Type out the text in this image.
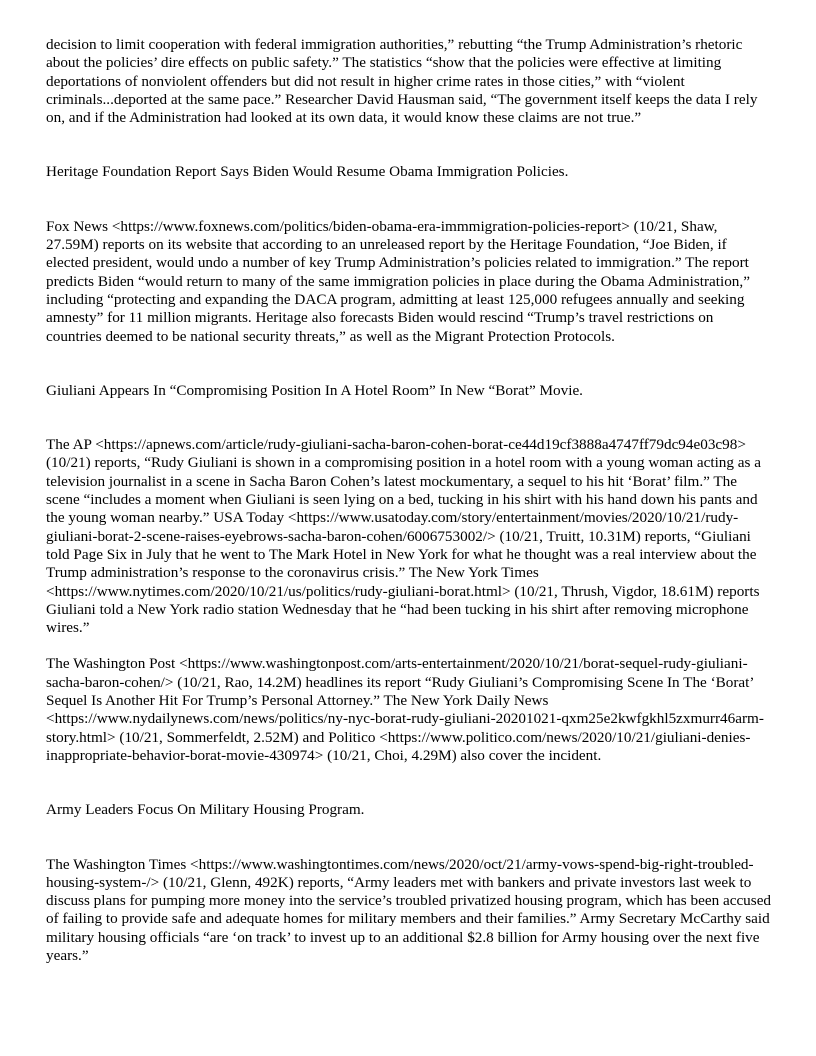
decision to limit cooperation with federal immigration authorities,” rebutting “the Trump Administration’s rhetoric about the policies’ dire effects on public safety.” The statistics “show that the policies were effective at limiting deportations of nonviolent offenders but did not result in higher crime rates in those cities,” with “violent criminals...deported at the same pace.” Researcher David Hausman said, “The government itself keeps the data I rely on, and if the Administration had looked at its own data, it would know these claims are not true.”

Heritage Foundation Report Says Biden Would Resume Obama Immigration Policies.

Fox News <https://www.foxnews.com/politics/biden-obama-era-immmigration-policies-report> (10/21, Shaw, 27.59M) reports on its website that according to an unreleased report by the Heritage Foundation, “Joe Biden, if elected president, would undo a number of key Trump Administration’s policies related to immigration.” The report predicts Biden “would return to many of the same immigration policies in place during the Obama Administration,” including “protecting and expanding the DACA program, admitting at least 125,000 refugees annually and seeking amnesty” for 11 million migrants. Heritage also forecasts Biden would rescind “Trump’s travel restrictions on countries deemed to be national security threats,” as well as the Migrant Protection Protocols.

Giuliani Appears In “Compromising Position In A Hotel Room” In New “Borat” Movie.

The AP <https://apnews.com/article/rudy-giuliani-sacha-baron-cohen-borat-ce44d19cf3888a4747ff79dc94e03c98> (10/21) reports, “Rudy Giuliani is shown in a compromising position in a hotel room with a young woman acting as a television journalist in a scene in Sacha Baron Cohen’s latest mockumentary, a sequel to his hit ‘Borat’ film.” The scene “includes a moment when Giuliani is seen lying on a bed, tucking in his shirt with his hand down his pants and the young woman nearby.” USA Today <https://www.usatoday.com/story/entertainment/movies/2020/10/21/rudy-giuliani-borat-2-scene-raises-eyebrows-sacha-baron-cohen/6006753002/> (10/21, Truitt, 10.31M) reports, “Giuliani told Page Six in July that he went to The Mark Hotel in New York for what he thought was a real interview about the Trump administration’s response to the coronavirus crisis.” The New York Times <https://www.nytimes.com/2020/10/21/us/politics/rudy-giuliani-borat.html> (10/21, Thrush, Vigdor, 18.61M) reports Giuliani told a New York radio station Wednesday that he “had been tucking in his shirt after removing microphone wires.”

The Washington Post <https://www.washingtonpost.com/arts-entertainment/2020/10/21/borat-sequel-rudy-giuliani-sacha-baron-cohen/> (10/21, Rao, 14.2M) headlines its report “Rudy Giuliani’s Compromising Scene In The ‘Borat’ Sequel Is Another Hit For Trump’s Personal Attorney.” The New York Daily News <https://www.nydailynews.com/news/politics/ny-nyc-borat-rudy-giuliani-20201021-qxm25e2kwfgkhl5zxmurr46arm-story.html> (10/21, Sommerfeldt, 2.52M) and Politico <https://www.politico.com/news/2020/10/21/giuliani-denies-inappropriate-behavior-borat-movie-430974> (10/21, Choi, 4.29M) also cover the incident.

Army Leaders Focus On Military Housing Program.

The Washington Times <https://www.washingtontimes.com/news/2020/oct/21/army-vows-spend-big-right-troubled-housing-system-/> (10/21, Glenn, 492K) reports, “Army leaders met with bankers and private investors last week to discuss plans for pumping more money into the service’s troubled privatized housing program, which has been accused of failing to provide safe and adequate homes for military members and their families.” Army Secretary McCarthy said military housing officials “are ‘on track’ to invest up to an additional $2.8 billion for Army housing over the next five years.”
